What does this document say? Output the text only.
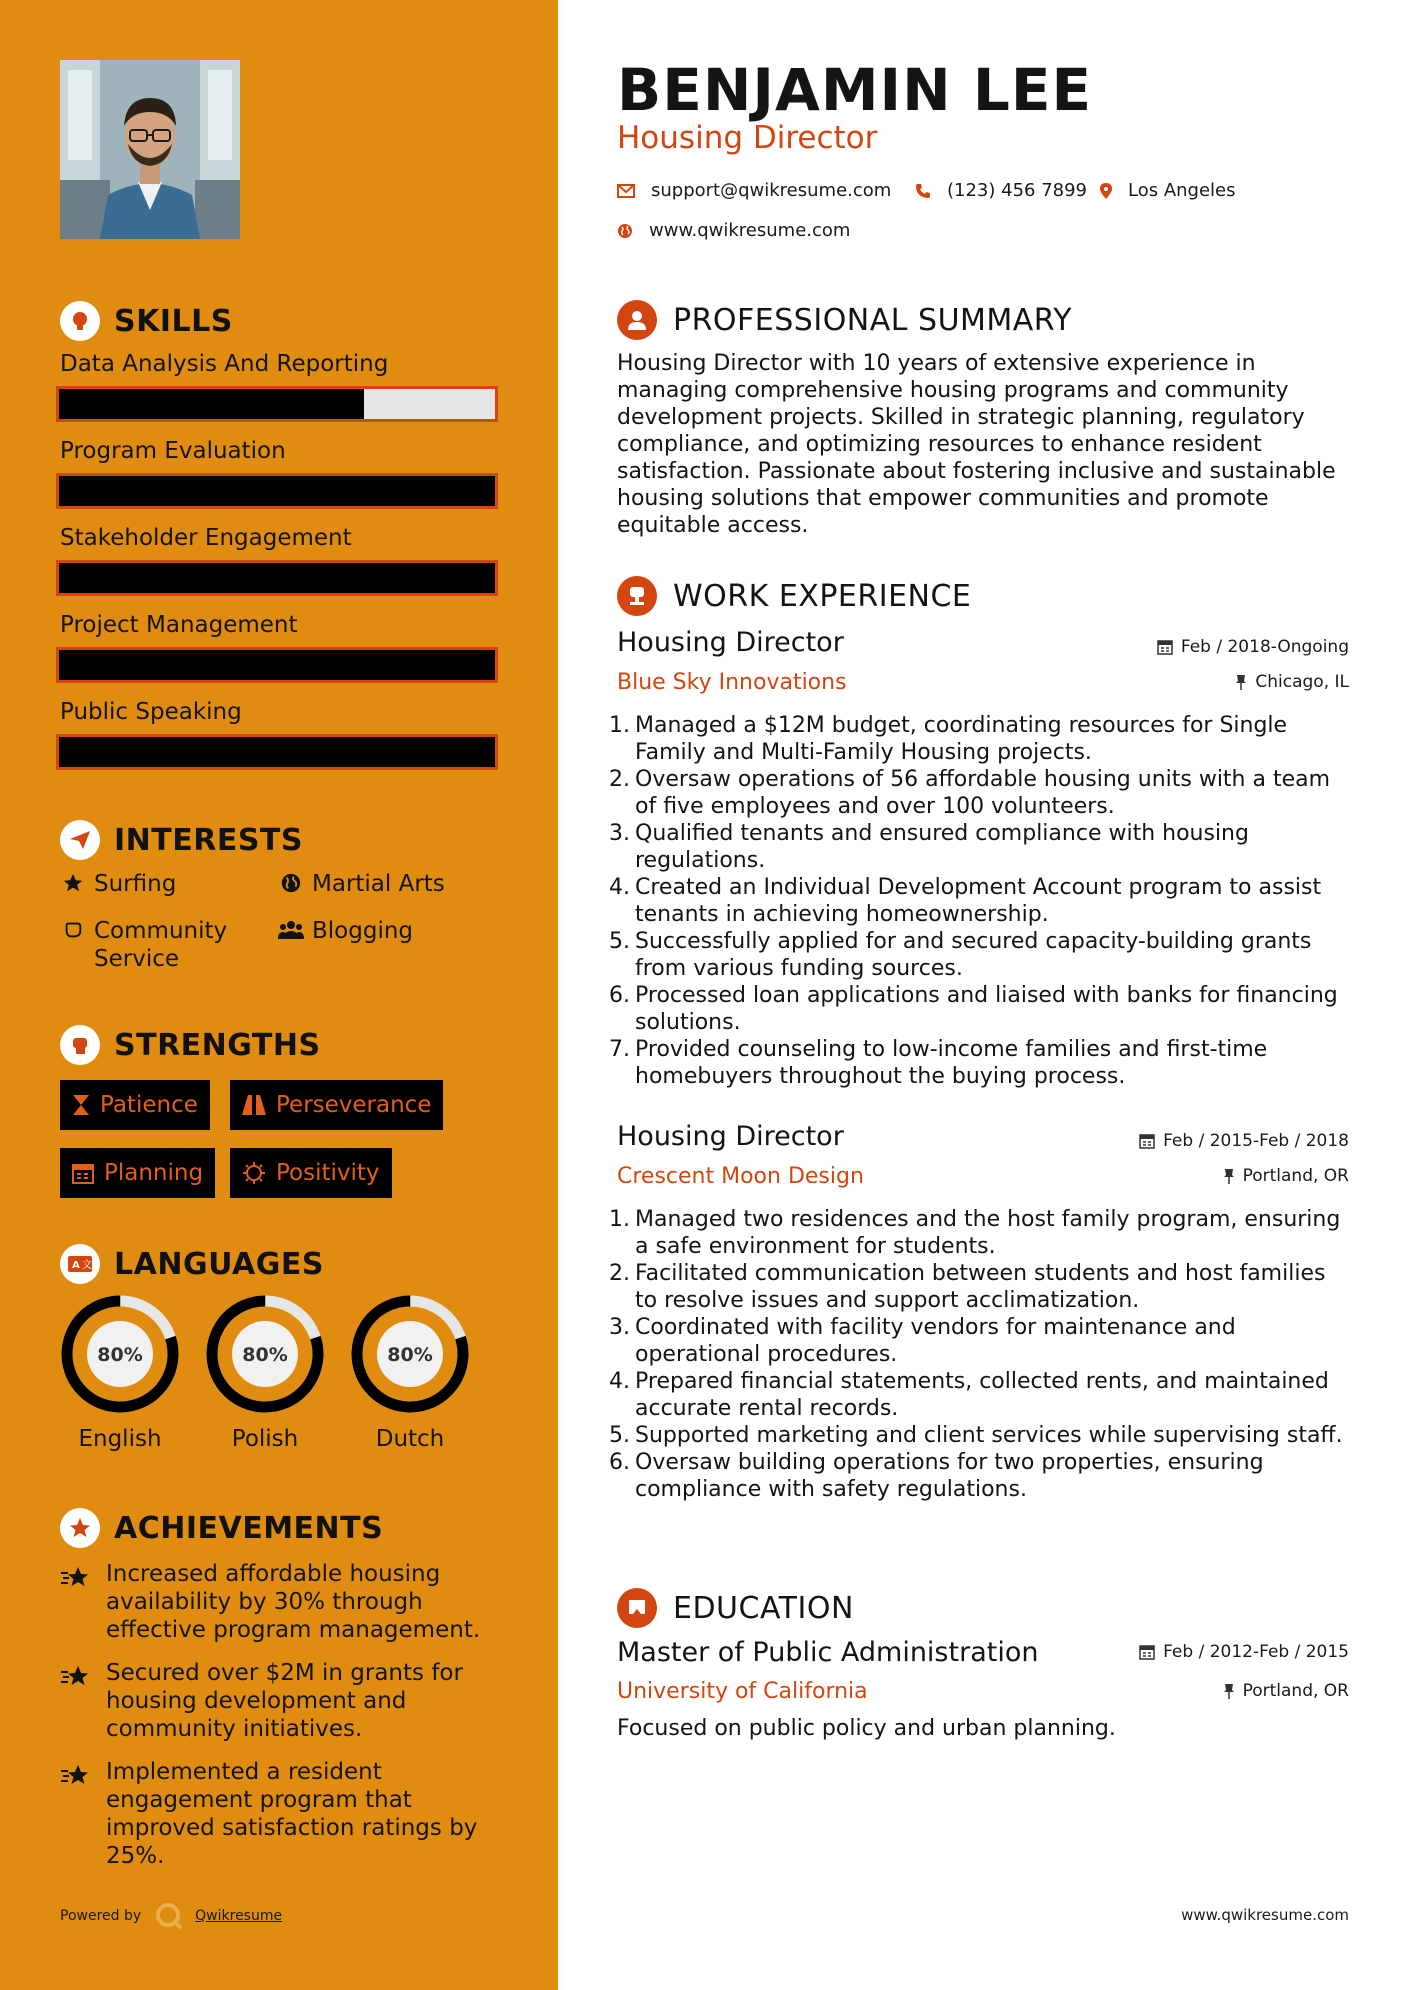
SKILLS
Data Analysis And Reporting
Program Evaluation
Stakeholder Engagement
Project Management
Public Speaking
INTERESTS
Surfing	Martial Arts
Community Service
Blogging
STRENGTHS
Patience	Perseverance
Planning	Positivity
A 文 LANGUAGES
80%
English
80%
Polish
80%
Dutch
ACHIEVEMENTS
Increased affordable housing availability by 30% through effective program management.
Secured over $2M in grants for housing development and community initiatives.
Implemented a resident engagement program that improved satisfaction ratings by 25%.
Powered by	Qwikresume
BENJAMIN LEE
Housing Director
support@qwikresume.com	(123) 456 7899 Los Angeles
www.qwikresume.com
PROFESSIONAL SUMMARY
Housing Director with 10 years of extensive experience in managing comprehensive housing programs and community development projects. Skilled in strategic planning, regulatory compliance, and optimizing resources to enhance resident satisfaction. Passionate about fostering inclusive and sustainable housing solutions that empower communities and promote equitable access.
WORK EXPERIENCE
Housing Director	Feb / 2018-Ongoing
Blue Sky Innovations	Chicago, IL
1. Managed a $12M budget, coordinating resources for Single Family and Multi-Family Housing projects.
2. Oversaw operations of 56 affordable housing units with a team of five employees and over 100 volunteers.
3. Qualified tenants and ensured compliance with housing regulations.
4. Created an Individual Development Account program to assist tenants in achieving homeownership.
5. Successfully applied for and secured capacity-building grants from various funding sources.
6. Processed loan applications and liaised with banks for financing solutions.
7. Provided counseling to low-income families and first-time homebuyers throughout the buying process.
Housing Director	Feb / 2015-Feb / 2018
Crescent Moon Design	Portland, OR
1. Managed two residences and the host family program, ensuring a safe environment for students.
2. Facilitated communication between students and host families to resolve issues and support acclimatization.
3. Coordinated with facility vendors for maintenance and operational procedures.
4. Prepared financial statements, collected rents, and maintained accurate rental records.
5. Supported marketing and client services while supervising staff.
6. Oversaw building operations for two properties, ensuring compliance with safety regulations.
EDUCATION
Master of Public Administration	Feb / 2012-Feb / 2015
University of California	Portland, OR
Focused on public policy and urban planning.
www.qwikresume.com
